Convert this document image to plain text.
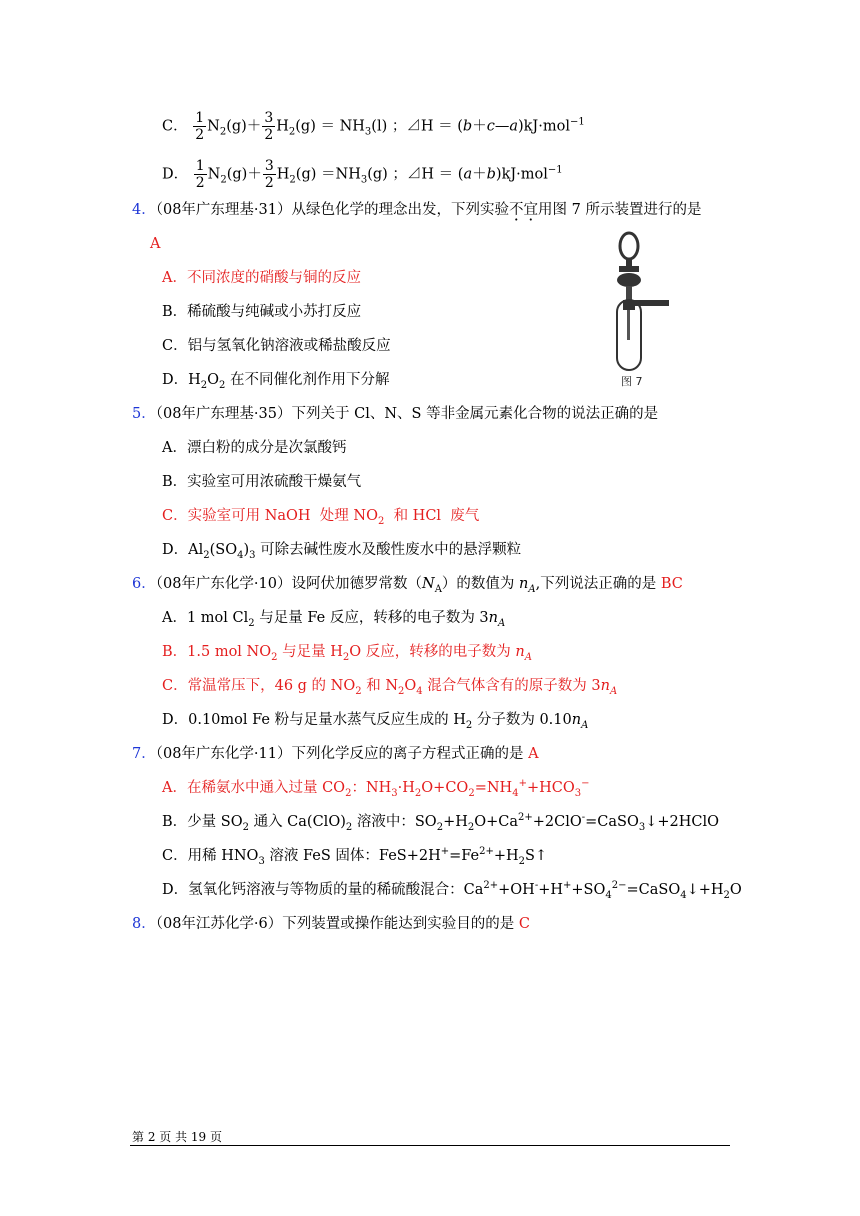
C． $\frac{1}{2} N_2(g)+ \frac{3}{2} H_2(g) = NH_3(l)$ ；⊿H ＝ (b＋c—a)kJ·mol$^{-1}$
D． $\frac{1}{2} N_2(g)+ \frac{3}{2} H_2(g) =NH_3(g)$ ；⊿H ＝ (a＋b)kJ·mol$^{-1}$
4．（08年广东理基·31）从绿色化学的理念出发，下列实验不宜用图 7 所示装置进行的是
A
A．不同浓度的硝酸与铜的反应
B．稀硫酸与纯碱或小苏打反应
C．铝与氢氧化钠溶液或稀盐酸反应
D．$H_2O_2$ 在不同催化剂作用下分解	图 7
5．（08年广东理基·35）下列关于 Cl、N、S 等非金属元素化合物的说法正确的是
A．漂白粉的成分是次氯酸钙
B．实验室可用浓硫酸干燥氨气
C．实验室可用 NaOH  处理 $NO_2$  和 HCl  废气
D．$Al_2(SO_4)_3$ 可除去碱性废水及酸性废水中的悬浮颗粒
6．（08年广东化学·10）设阿伏加德罗常数$(N_A)$的数值为 $n_A$,下列说法正确的是 BC
A．1 mol $Cl_2$ 与足量 Fe 反应，转移的电子数为 $3n_A$
B．1.5 mol $NO_2$ 与足量 $H_2O$ 反应，转移的电子数为 $n_A$
C．常温常压下，46 g 的 $NO_2$ 和 $N_2O_4$ 混合气体含有的原子数为 $3n_A$
D．0.10mol Fe 粉与足量水蒸气反应生成的 $H_2$ 分子数为 $0.10n_A$
7．（08年广东化学·11）下列化学反应的离子方程式正确的是 A
A．在稀氨水中通入过量 $CO_2$：$NH_3\cdot H_2O+CO_2=NH_4^++HCO_3^-$
B．少量 $SO_2$ 通入 $Ca(ClO)_2$ 溶液中：$SO_2+H_2O+Ca^{2+}+2ClO^-=CaSO_3↓+2HClO$
C．用稀 $HNO_3$ 溶液 FeS 固体：$FeS+2H^+=Fe^{2+}+H_2S↑$
D．氢氧化钙溶液与等物质的量的稀硫酸混合：$Ca^{2+}+OH^-+H^++SO_4^{2-}=CaSO_4↓+H_2O$
8．（08年江苏化学·6）下列装置或操作能达到实验目的的是 C
第 2 页 共 19 页
